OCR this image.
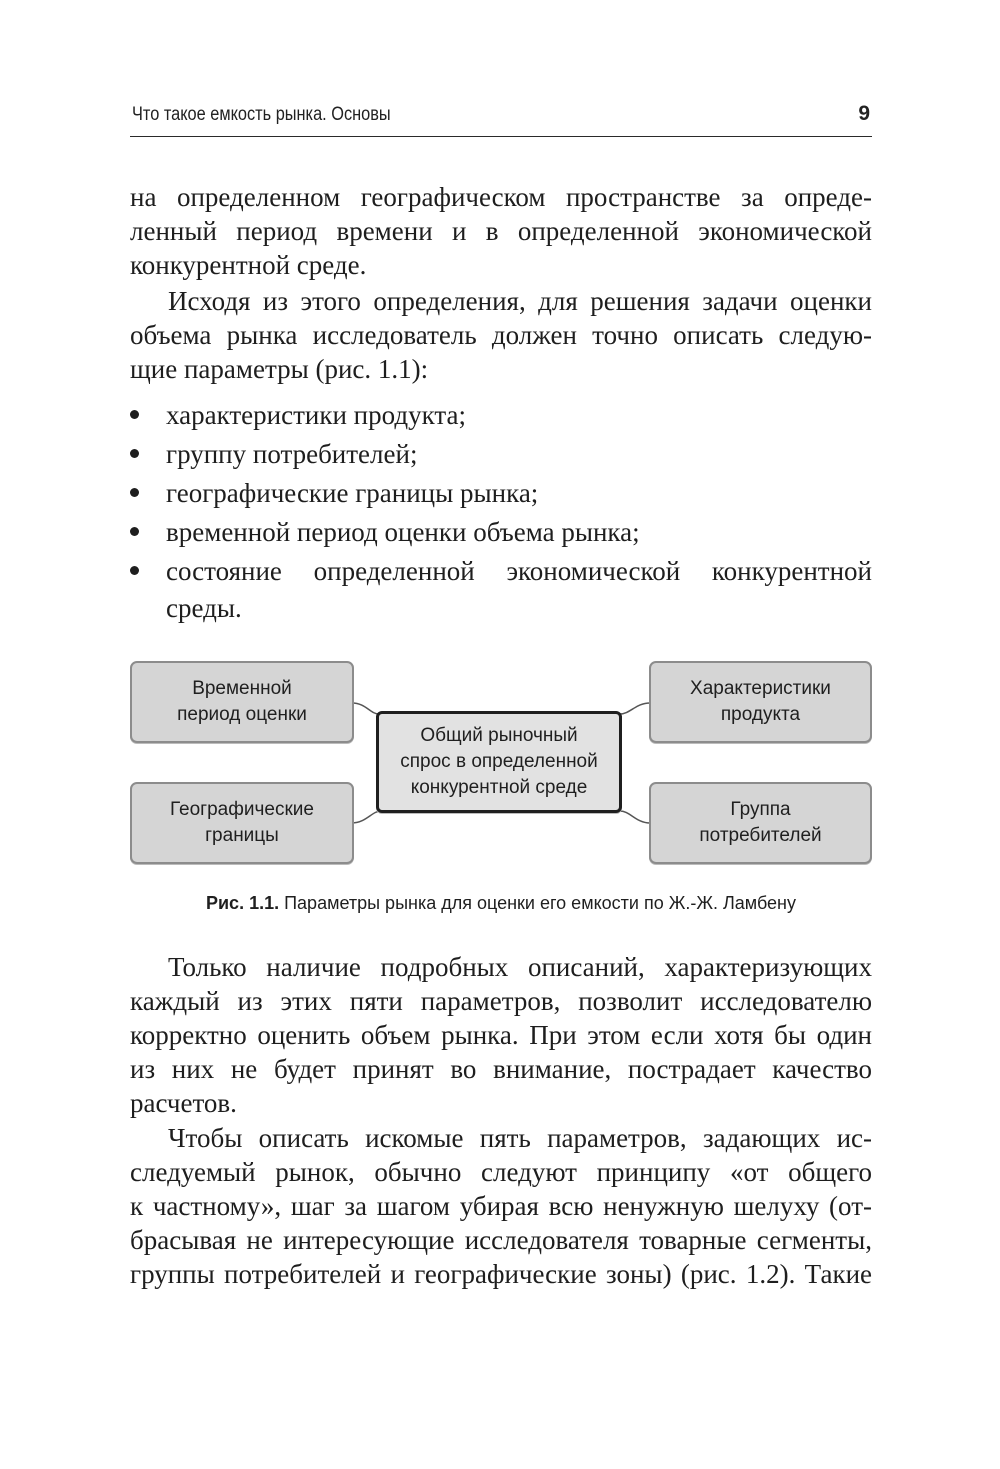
Что такое емкость рынка. Основы	9
на определенном географическом пространстве за опреде-
ленный период времени и в определенной экономической
конкурентной среде.
Исходя из этого определения, для решения задачи оценки
объема рынка исследователь должен точно описать следую-
щие параметры (рис. 1.1):
характеристики продукта;
группу потребителей;
географические границы рынка;
временной период оценки объема рынка;
состояние определенной экономической конкурентной
среды.
Временной
период оценки
Географические
границы
Характеристики
продукта
Группа
потребителей
Общий рыночный
спрос в определенной
конкурентной среде
Рис. 1.1. Параметры рынка для оценки его емкости по Ж.-Ж. Ламбену
Только наличие подробных описаний, характеризующих
каждый из этих пяти параметров, позволит исследователю
корректно оценить объем рынка. При этом если хотя бы один
из них не будет принят во внимание, пострадает качество
расчетов.
Чтобы описать искомые пять параметров, задающих ис-
следуемый рынок, обычно следуют принципу «от общего
к частному», шаг за шагом убирая всю ненужную шелуху (от-
брасывая не интересующие исследователя товарные сегменты,
группы потребителей и географические зоны) (рис. 1.2). Такие
